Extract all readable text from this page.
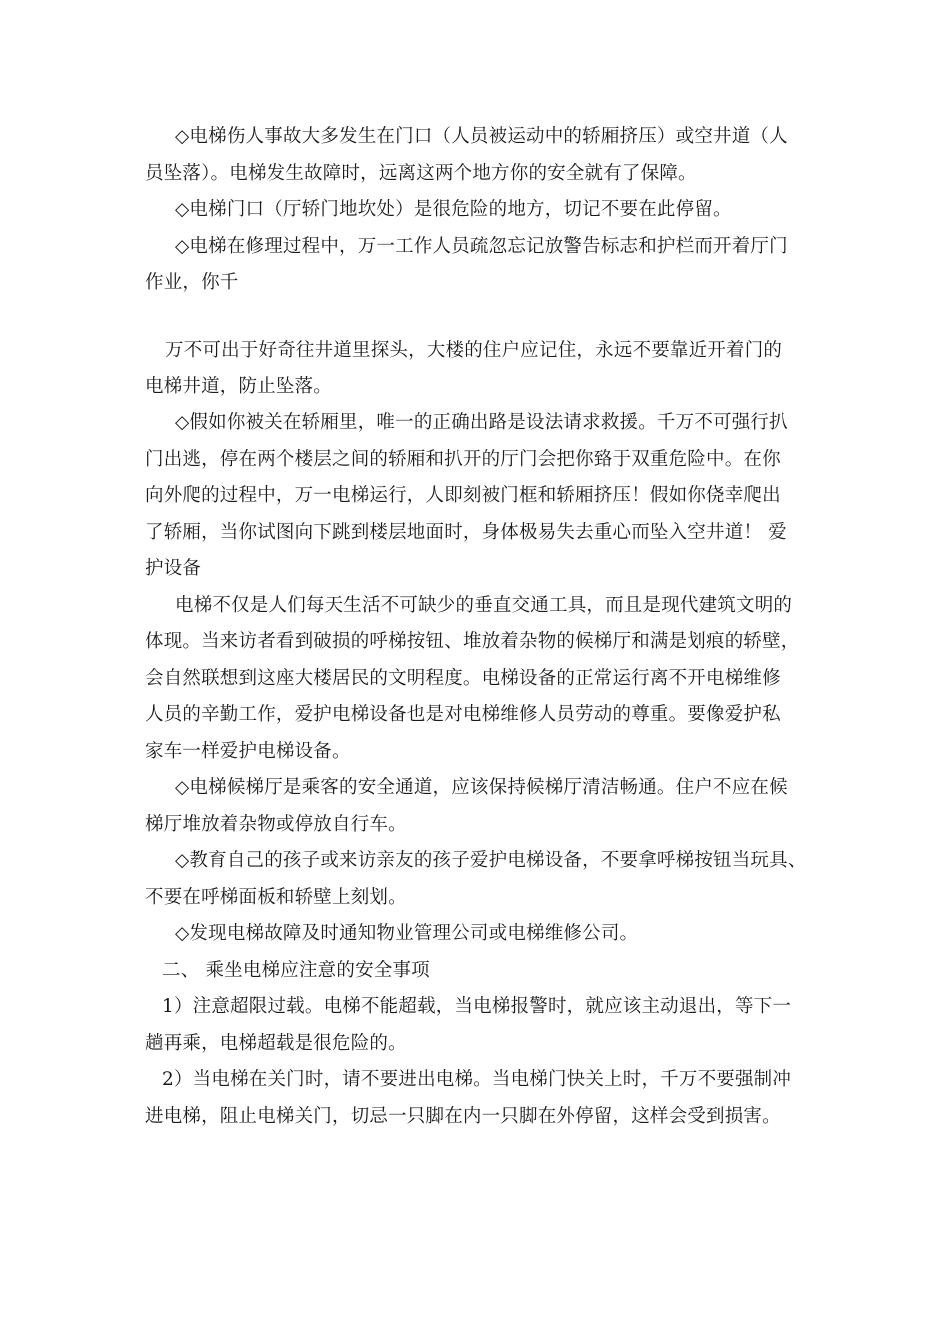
◇电梯伤人事故大多发生在门口（人员被运动中的轿厢挤压）或空井道（人
员坠落）。电梯发生故障时，远离这两个地方你的安全就有了保障。
◇电梯门口（厅轿门地坎处）是很危险的地方，切记不要在此停留。
◇电梯在修理过程中，万一工作人员疏忽忘记放警告标志和护栏而开着厅门
作业，你千
万不可出于好奇往井道里探头，大楼的住户应记住，永远不要靠近开着门的
电梯井道，防止坠落。
◇假如你被关在轿厢里，唯一的正确出路是设法请求救援。千万不可强行扒
门出逃，停在两个楼层之间的轿厢和扒开的厅门会把你臵于双重危险中。在你
向外爬的过程中，万一电梯运行，人即刻被门框和轿厢挤压！假如你侥幸爬出
了轿厢，当你试图向下跳到楼层地面时，身体极易失去重心而坠入空井道！ 爱
护设备
电梯不仅是人们每天生活不可缺少的垂直交通工具，而且是现代建筑文明的
体现。当来访者看到破损的呼梯按钮、堆放着杂物的候梯厅和满是划痕的轿壁，
会自然联想到这座大楼居民的文明程度。电梯设备的正常运行离不开电梯维修
人员的辛勤工作，爱护电梯设备也是对电梯维修人员劳动的尊重。要像爱护私
家车一样爱护电梯设备。
◇电梯候梯厅是乘客的安全通道，应该保持候梯厅清洁畅通。住户不应在候
梯厅堆放着杂物或停放自行车。
◇教育自己的孩子或来访亲友的孩子爱护电梯设备，不要拿呼梯按钮当玩具、
不要在呼梯面板和轿壁上刻划。
◇发现电梯故障及时通知物业管理公司或电梯维修公司。
二、 乘坐电梯应注意的安全事项
1）注意超限过载。电梯不能超载，当电梯报警时，就应该主动退出，等下一
趟再乘，电梯超载是很危险的。
2）当电梯在关门时，请不要进出电梯。当电梯门快关上时，千万不要强制冲
进电梯，阻止电梯关门，切忌一只脚在内一只脚在外停留，这样会受到损害。
